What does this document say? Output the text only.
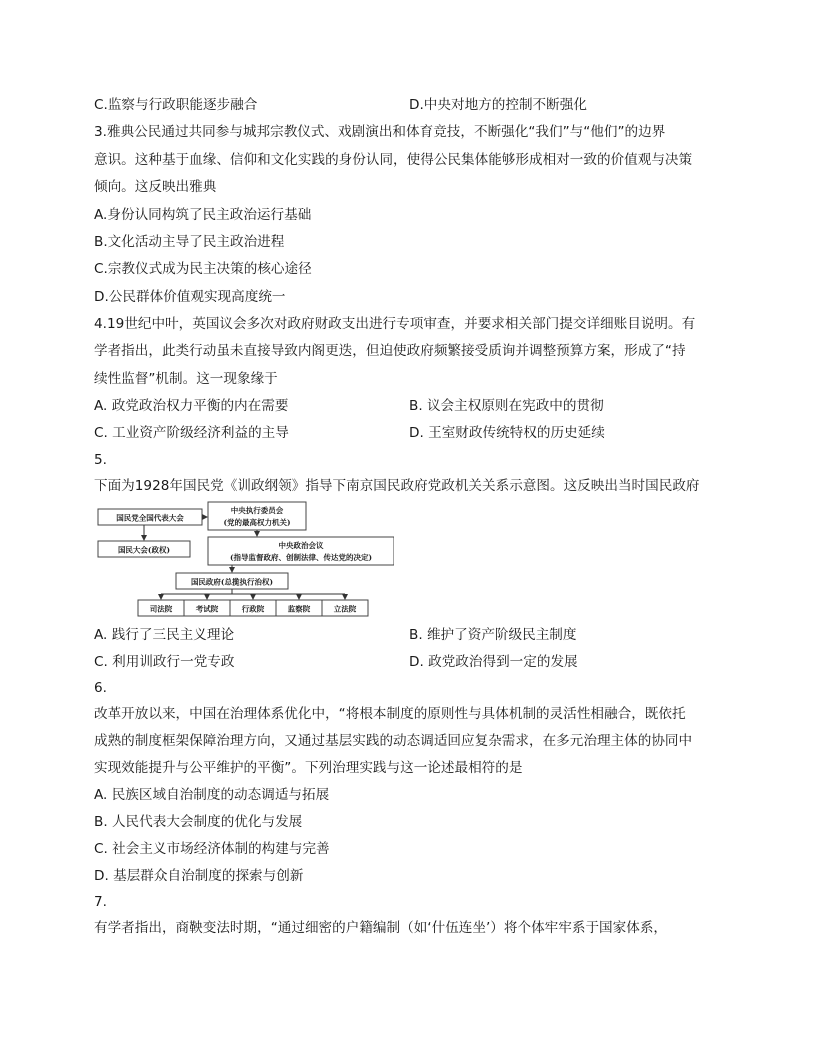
C.监察与行政职能逐步融合	D.中央对地方的控制不断强化
3.雅典公民通过共同参与城邦宗教仪式、戏剧演出和体育竞技，不断强化“我们”与“他们”的边界
意识。这种基于血缘、信仰和文化实践的身份认同，使得公民集体能够形成相对一致的价值观与决策
倾向。这反映出雅典
A.身份认同构筑了民主政治运行基础
B.文化活动主导了民主政治进程
C.宗教仪式成为民主决策的核心途径
D.公民群体价值观实现高度统一
4.19世纪中叶，英国议会多次对政府财政支出进行专项审查，并要求相关部门提交详细账目说明。有
学者指出，此类行动虽未直接导致内阁更迭，但迫使政府频繁接受质询并调整预算方案，形成了“持
续性监督”机制。这一现象缘于
A. 政党政治权力平衡的内在需要	B. 议会主权原则在宪政中的贯彻
C. 工业资产阶级经济利益的主导	D. 王室财政传统特权的历史延续
5.
下面为1928年国民党《训政纲领》指导下南京国民政府党政机关关系示意图。这反映出当时国民政府
国民党全国代表大会
中央执行委员会
(党的最高权力机关)
国民大会(政权)	中央政治会议
(指导监督政府、创制法律、传达党的决定)
国民政府(总揽执行治权)
司法院	考试院	行政院	监察院	立法院
A. 践行了三民主义理论	B. 维护了资产阶级民主制度
C. 利用训政行一党专政	D. 政党政治得到一定的发展
6.
改革开放以来，中国在治理体系优化中，“将根本制度的原则性与具体机制的灵活性相融合，既依托
成熟的制度框架保障治理方向，又通过基层实践的动态调适回应复杂需求，在多元治理主体的协同中
实现效能提升与公平维护的平衡”。下列治理实践与这一论述最相符的是
A. 民族区域自治制度的动态调适与拓展
B. 人民代表大会制度的优化与发展
C. 社会主义市场经济体制的构建与完善
D. 基层群众自治制度的探索与创新
7.
有学者指出，商鞅变法时期，“通过细密的户籍编制（如‘什伍连坐’）将个体牢牢系于国家体系，
